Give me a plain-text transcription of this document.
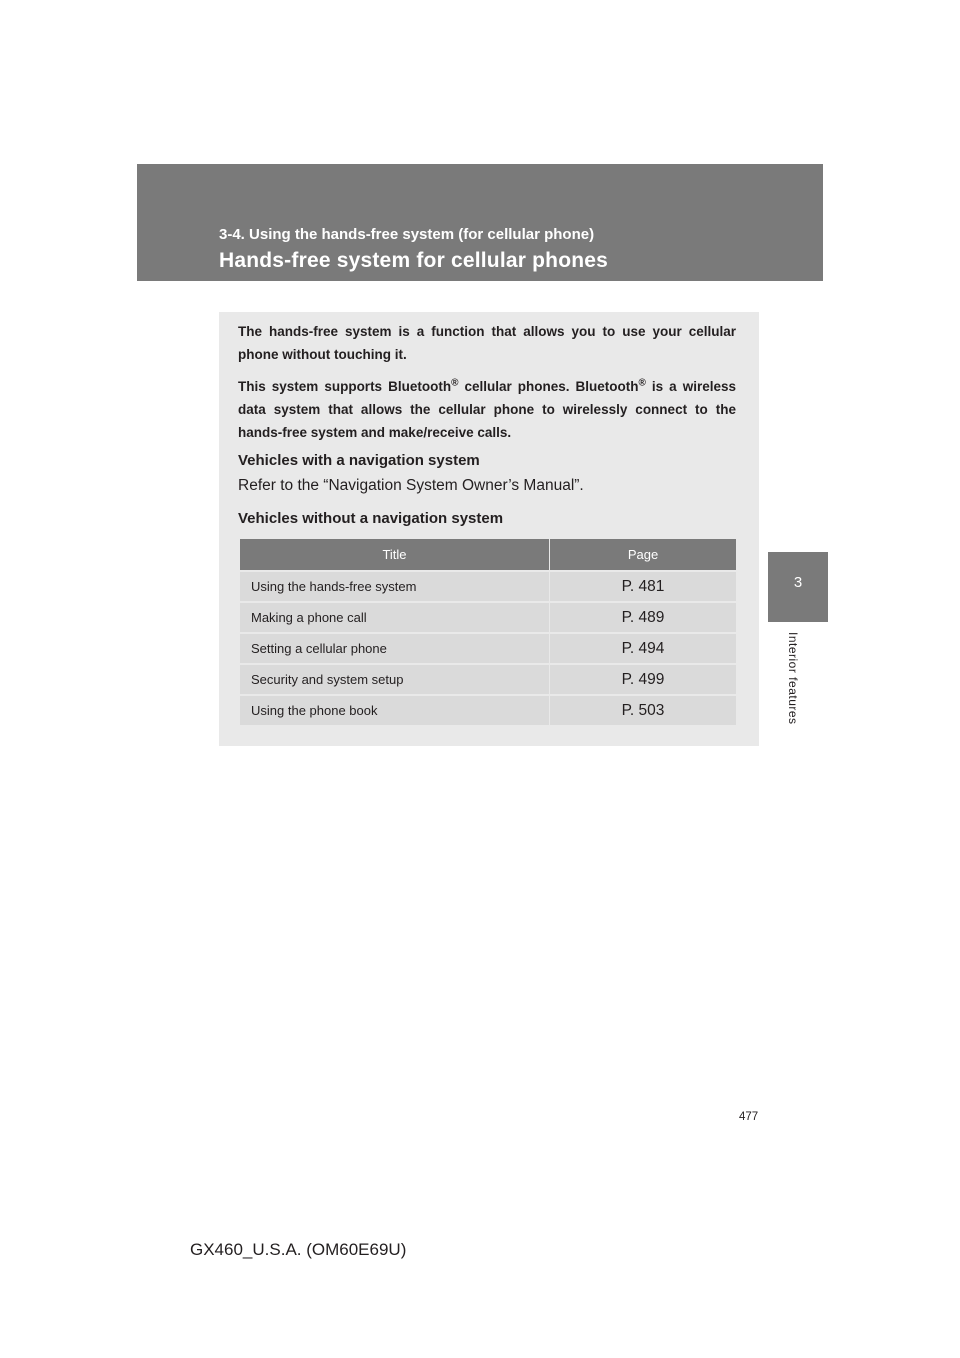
3-4. Using the hands-free system (for cellular phone)
Hands-free system for cellular phones
3
Interior features

The hands-free system is a function that allows you to use your cellular phone without touching it.

This system supports Bluetooth® cellular phones. Bluetooth® is a wireless data system that allows the cellular phone to wirelessly connect to the hands-free system and make/receive calls.

Vehicles with a navigation system
Refer to the “Navigation System Owner’s Manual”.
Vehicles without a navigation system
Title	Page
Using the hands-free system	P. 481
Making a phone call	P. 489
Setting a cellular phone	P. 494
Security and system setup	P. 499
Using the phone book	P. 503
477
GX460_U.S.A. (OM60E69U)
